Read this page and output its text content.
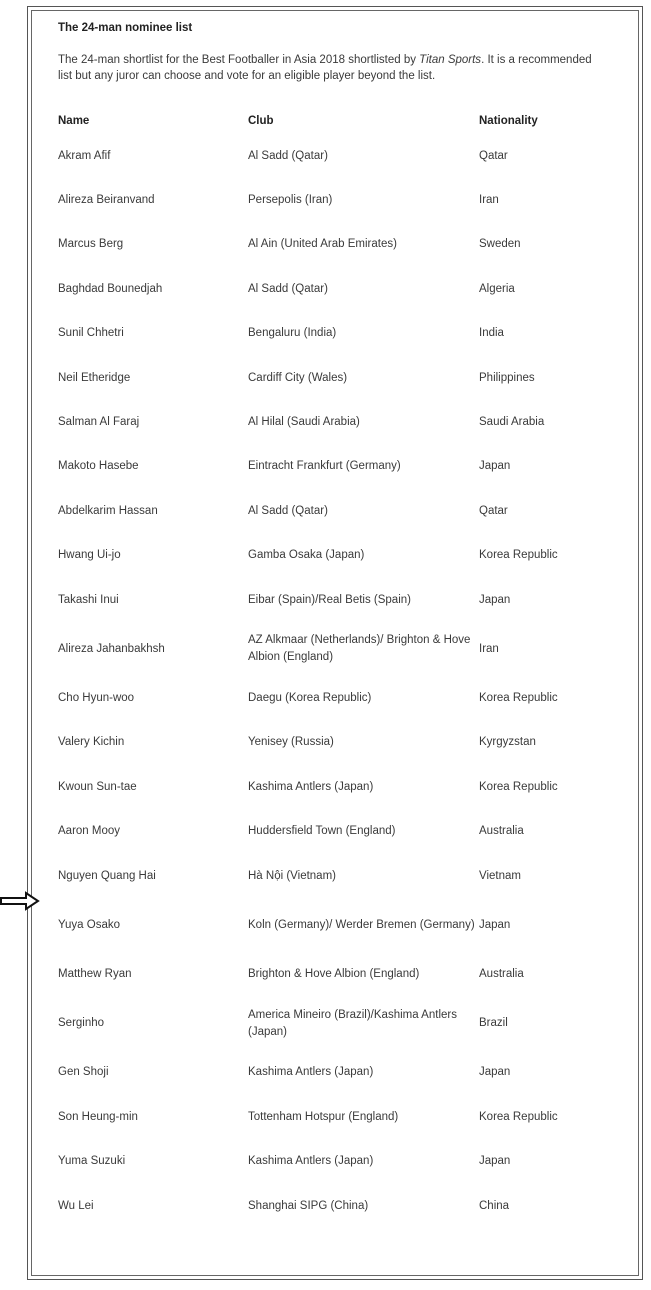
The 24-man nominee list

The 24-man shortlist for the Best Footballer in Asia 2018 shortlisted by Titan Sports. It is a recommended list but any juror can choose and vote for an eligible player beyond the list.

Name	Club	Nationality
Akram Afif	Al Sadd (Qatar)	Qatar
Alireza Beiranvand	Persepolis (Iran)	Iran
Marcus Berg	Al Ain (United Arab Emirates)	Sweden
Baghdad Bounedjah	Al Sadd (Qatar)	Algeria
Sunil Chhetri	Bengaluru (India)	India
Neil Etheridge	Cardiff City (Wales)	Philippines
Salman Al Faraj	Al Hilal (Saudi Arabia)	Saudi Arabia
Makoto Hasebe	Eintracht Frankfurt (Germany)	Japan
Abdelkarim Hassan	Al Sadd (Qatar)	Qatar
Hwang Ui-jo	Gamba Osaka (Japan)	Korea Republic
Takashi Inui	Eibar (Spain)/Real Betis (Spain)	Japan
Alireza Jahanbakhsh	AZ Alkmaar (Netherlands)/ Brighton & Hove Albion (England)	Iran
Cho Hyun-woo	Daegu (Korea Republic)	Korea Republic
Valery Kichin	Yenisey (Russia)	Kyrgyzstan
Kwoun Sun-tae	Kashima Antlers (Japan)	Korea Republic
Aaron Mooy	Huddersfield Town (England)	Australia
Nguyen Quang Hai	Hà Nội (Vietnam)	Vietnam
Yuya Osako	Koln (Germany)/ Werder Bremen (Germany)	Japan
Matthew Ryan	Brighton & Hove Albion (England)	Australia
Serginho	America Mineiro (Brazil)/Kashima Antlers (Japan)	Brazil
Gen Shoji	Kashima Antlers (Japan)	Japan
Son Heung-min	Tottenham Hotspur (England)	Korea Republic
Yuma Suzuki	Kashima Antlers (Japan)	Japan
Wu Lei	Shanghai SIPG (China)	China
